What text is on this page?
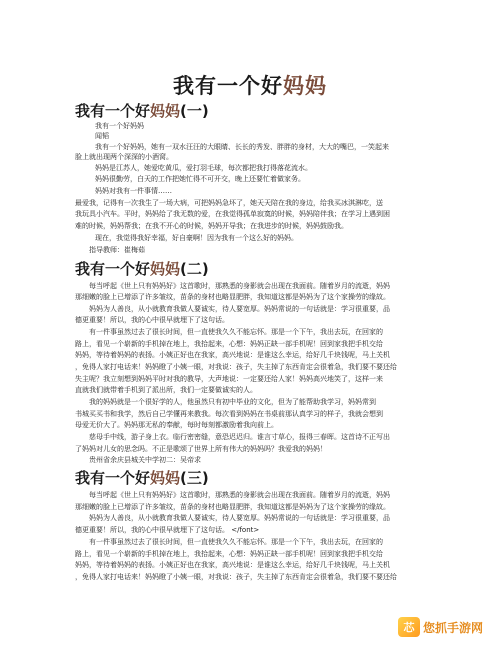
我有一个好妈妈
我有一个好妈妈(一)
我有一个好妈妈
闻韬
我有一个好妈妈，她有一双水汪汪的大眼睛、长长的秀发、胖胖的身材，大大的嘴巴，一笑起来
脸上就出现两个深深的小酒窝。
妈妈是江苏人，她爱吃黄瓜，爱打羽毛球，每次都把我打得落花流水。
妈妈很勤劳，白天的工作把她忙得不可开交，晚上还要忙着做家务。
妈妈对我有一件事情……
最爱我，记得有一次我生了一场大病，可把妈妈急坏了，她天天陪在我的身边，给我买冰淇淋吃，送
我玩具小汽车。平时，妈妈给了我无数的爱，在我觉得孤单寂寞的时候，妈妈陪伴我；在学习上遇到困
难的时候，妈妈帮我；在我不开心的时候，妈妈开导我；在我进步的时候，妈妈鼓励我。
现在，我觉得我好幸福，好自豪啊！因为我有一个这么好的妈妈。
指导教师：崔梅茹
我有一个好妈妈(二)
每当呼起《世上只有妈妈好》这首歌时，那熟悉的身影就会出现在我面前。随着岁月的流逝，妈妈
那细嫩的脸上已增添了许多皱纹，苗条的身材也略显肥胖，我知道这都是妈妈为了这个家操劳的缘故。
妈妈为人善良，从小就教育我做人要诚实，待人要宽厚。妈妈常说的一句话就是：学习很重要，品
德更重要！所以，我的心中很早就埋下了这句话。
有一件事虽然过去了很长时间，但一直使我久久不能忘怀。那是一个下午，我出去玩，在回家的
路上，看见一个崭新的手机掉在地上，我拾起来，心想：妈妈正缺一部手机呢！回到家我把手机交给
妈妈，等待着妈妈的表扬。小姨正好也在我家，高兴地说：是谁这么幸运，给好几千块钱呢，马上关机
，免得人家打电话来！妈妈瞪了小姨一眼，对我说：孩子，失主掉了东西肯定会很着急，我们要不要还给
失主呢？我立刻想到妈妈平时对我的教导，大声地说：一定要还给人家！妈妈高兴地笑了，这样一来
直就我们就带着手机到了派出所，我们一定要做诚实的人。
我的妈妈就是一个很好学的人，他虽然只有初中毕业的文化，但为了能帮助我学习，妈妈常到
书城买买书和我学，然后自己学懂再来教我。每次看到妈妈在书桌前那认真学习的样子，我就会想到
母爱无价大了。妈妈那无私的奉献，每时每刻都激励着我向前上。
慈母手中线，游子身上衣。临行密密缝，意恐迟迟归。谁言寸草心，报得三春晖。这首诗不正写出
了妈妈对儿女的思念吗。不正是歌颂了世界上所有伟大的妈妈吗？我爱我的妈妈！
贵州省余庆县城关中学初二：吴帝求
我有一个好妈妈(三)
每当呼起《世上只有妈妈好》这首歌时，那熟悉的身影就会出现在我面前。随着岁月的流逝，妈妈
那细嫩的脸上已增添了许多皱纹，苗条的身材也略显肥胖，我知道这都是妈妈为了这个家操劳的缘故。
妈妈为人善良，从小就教育我做人要诚实，待人要宽厚。妈妈常说的一句话就是：学习很重要，品
德更重要！所以，我的心中很早就埋下了这句话。 </font>
有一件事虽然过去了很长时间，但一直使我久久不能忘怀。那是一个下午，我出去玩，在回家的
路上，看见一个崭新的手机掉在地上，我拾起来，心想：妈妈正缺一部手机呢！回到家我把手机交给
妈妈，等待着妈妈的表扬。小姨正好也在我家，高兴地说：是谁这么幸运，给好几千块钱呢，马上关机
，免得人家打电话来！妈妈瞪了小姨一眼，对我说：孩子，失主掉了东西肯定会很着急，我们要不要还给
芯 您抓手游网
